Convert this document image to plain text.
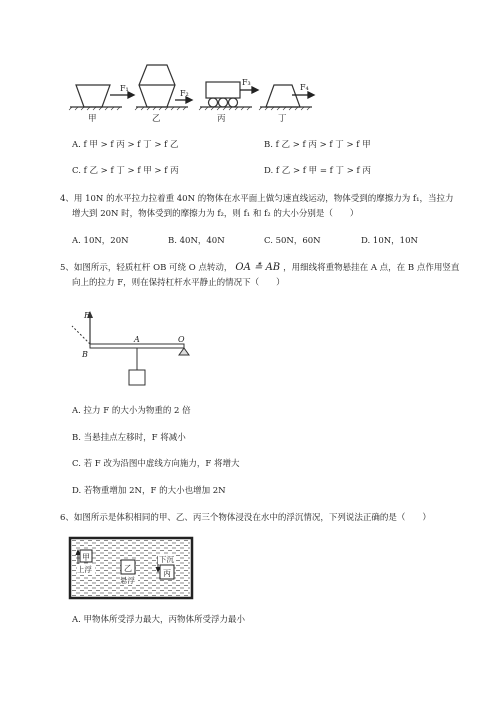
F₁
F₂
F₃
F₄
甲	乙	丙	丁
A. f 甲 > f 丙 > f 丁 > f 乙	B. f 乙 > f 丙 > f 丁 > f 甲
C. f 乙 > f 丁 > f 甲 > f 丙	D. f 乙 > f 甲 = f 丁 > f 丙
4、用 10N 的水平拉力拉着重 40N 的物体在水平面上做匀速直线运动，物体受到的摩擦力为 f₁，当拉力
增大到 20N 时，物体受到的摩擦力为 f₂，则 f₁ 和 f₂ 的大小分别是（　　）
A. 10N，20N	B. 40N，40N	C. 50N，60N	D. 10N，10N
5、如图所示，轻质杠杆 OB 可绕 O 点转动， OA ≛ AB ，用细线将重物悬挂在 A 点，在 B 点作用竖直
向上的拉力 F，则在保持杠杆水平静止的情况下（　　）
F
B
A	O
A. 拉力 F 的大小为物重的 2 倍
B. 当悬挂点左移时，F 将减小
C. 若 F 改为沿图中虚线方向施力，F 将增大
D. 若物重增加 2N，F 的大小也增加 2N
6、如图所示是体积相同的甲、乙、丙三个物体浸没在水中的浮沉情况，下列说法正确的是（　　）
甲
上浮	乙
悬浮
下沉
丙
A. 甲物体所受浮力最大，丙物体所受浮力最小
